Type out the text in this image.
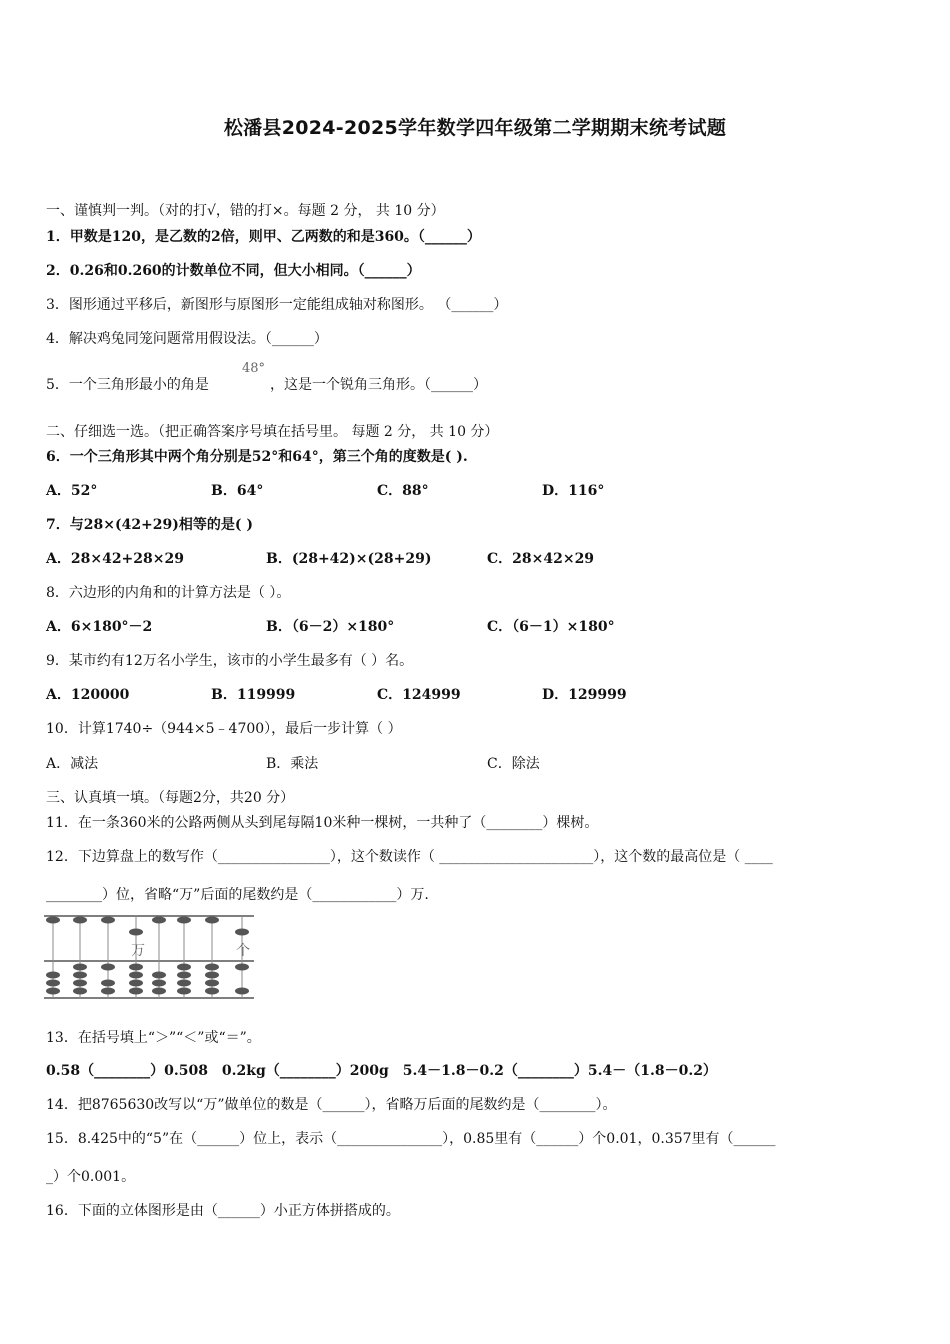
松潘县2024-2025学年数学四年级第二学期期末统考试题
一、谨慎判一判。（对的打√，错的打×。每题 2 分， 共 10 分）
1．甲数是120，是乙数的2倍，则甲、乙两数的和是360。（______）
2．0.26和0.260的计数单位不同，但大小相同。（______）
3．图形通过平移后，新图形与原图形一定能组成轴对称图形。 （______）
4．解决鸡兔同笼问题常用假设法。（______）
5．一个三角形最小的角是
48°
，这是一个锐角三角形。（______）
二、仔细选一选。（把正确答案序号填在括号里。 每题 2 分， 共 10 分）
6．一个三角形其中两个角分别是52°和64°，第三个角的度数是( ).
A．52°	B．64°	C．88°	D．116°
7．与28×(42+29)相等的是( )
A．28×42+28×29	B．(28+42)×(28+29)	C．28×42×29
8．六边形的内角和的计算方法是（ ）。
A．6×180°－2	B．（6－2）×180°	C．（6－1）×180°
9．某市约有12万名小学生，该市的小学生最多有（ ）名。
A．120000	B．119999	C．124999	D．129999
10．计算1740÷（944×5﹣4700），最后一步计算（ ）
A．减法	B．乘法	C．除法
三、认真填一填。（每题2分，共20 分）
11．在一条360米的公路两侧从头到尾每隔10米种一棵树，一共种了（________）棵树。
12．下边算盘上的数写作（________________），这个数读作（ ______________________），这个数的最高位是（ ____
________）位，省略“万”后面的尾数约是（____________）万.
万	个
13．在括号填上“＞”“＜”或“＝”。
0.58（________）0.508　0.2kg（________）200g　5.4－1.8－0.2（________）5.4－（1.8－0.2）
14．把8765630改写以“万”做单位的数是（______），省略万后面的尾数约是（________）。
15．8.425中的“5”在（______）位上，表示（_______________），0.85里有（______）个0.01，0.357里有（______
_）个0.001。
16．下面的立体图形是由（______）小正方体拼搭成的。
